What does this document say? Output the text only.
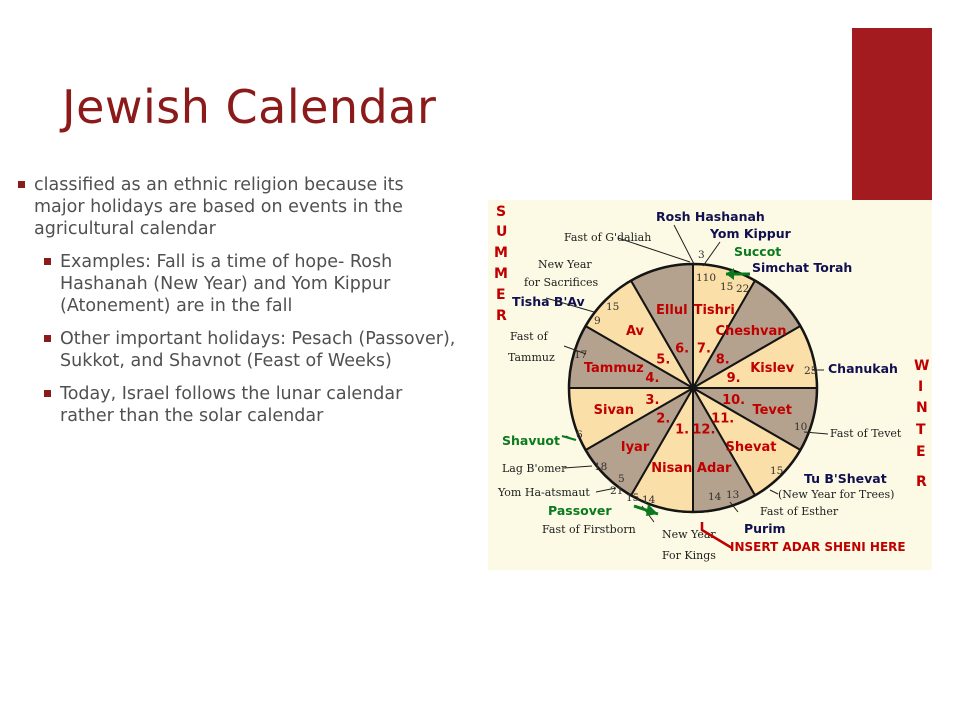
Jewish Calendar
classified as an ethnic religion because its major holidays are based on events in the agricultural calendar
Examples: Fall is a time of hope- Rosh Hashanah (New Year) and Yom Kippur (Atonement) are in the fall
Other important holidays: Pesach (Passover), Sukkot, and Shavnot (Feast of Weeks)
Today, Israel follows the lunar calendar rather than the solar calendar
Tishri
7.
Cheshvan
8.
Kislev
9.
Tevet
10.
Shevat
11.
Adar
12.
Nisan
1.
Iyar
2.
Sivan
3.
Tammuz
4.
Av
5.
Ellul
6.
S
U
M
M
E
R
W
I
N
T
E
R
Rosh Hashanah
Yom Kippur
Succot
Simchat Torah
Chanukah
Fast of Tevet
Tu B'Shevat
(New Year for Trees)
Fast of Esther
Purim
INSERT ADAR SHENI HERE
New Year
For Kings
Fast of Firstborn
Passover
Yom Ha-atsmaut
Lag B'omer
Shavuot
Fast of
Tammuz
Tisha B'Av
New Year
for Sacrifices
Fast of G'daliah
3
110
15 22
25
10
15
14 13
14
15
21
5
18
6
17
9
15
